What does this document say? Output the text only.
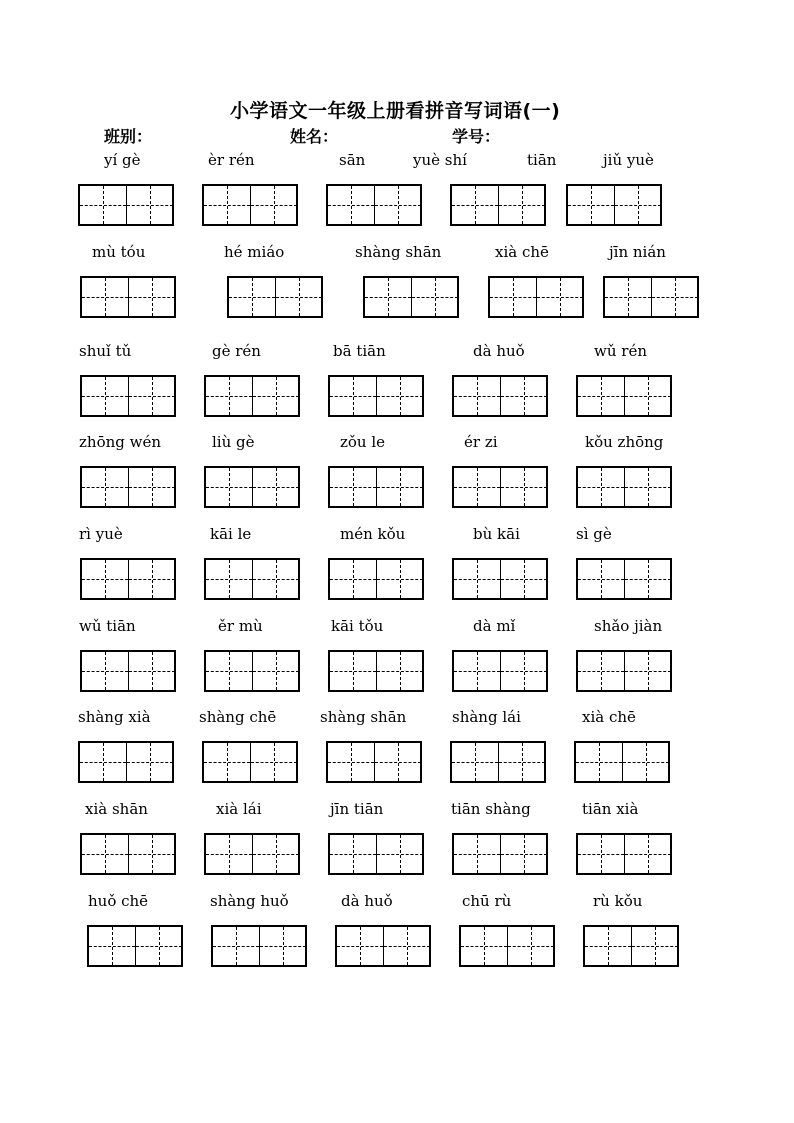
小学语文一年级上册看拼音写词语(一)
班别：	姓名：	学号：
yí gè	èr rén	sān	yuè shí	tiān	jiǔ yuè
mù tóu	hé miáo	shàng shān	xià chē	jīn nián
shuǐ tǔ	gè rén	bā tiān	dà huǒ	wǔ rén
zhōng wén	liù gè	zǒu le	ér zi	kǒu zhōng
rì yuè	kāi le	mén kǒu	bù kāi	sì gè
wǔ tiān	ěr mù	kāi tǒu	dà mǐ	shǎo jiàn
shàng xià	shàng chē	shàng shān	shàng lái	xià chē
xià shān	xià lái	jīn tiān	tiān shàng	tiān xià
huǒ chē	shàng huǒ	dà huǒ	chū rù	rù kǒu
